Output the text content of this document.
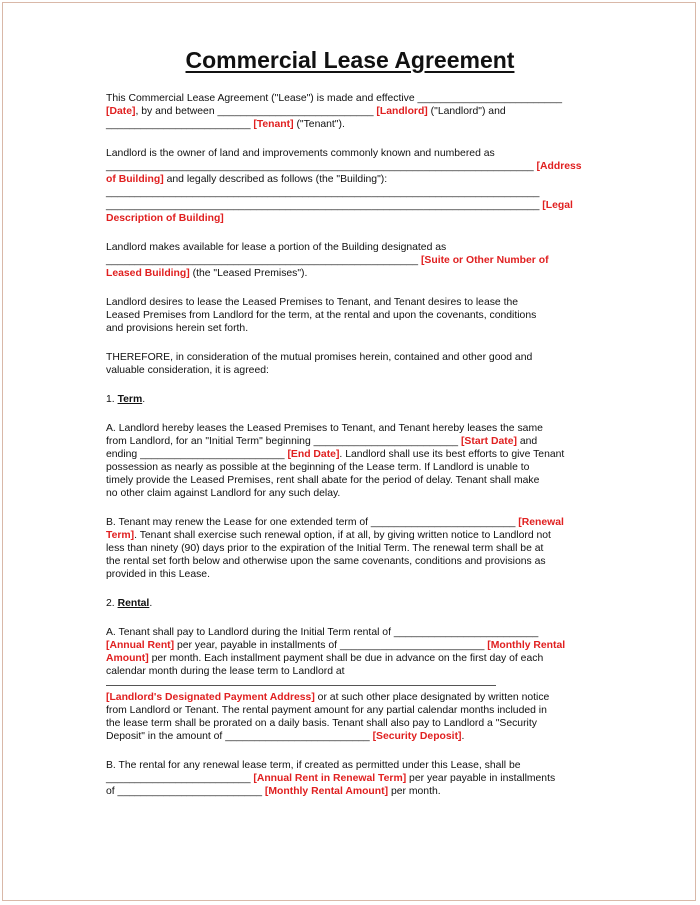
Commercial Lease Agreement
This Commercial Lease Agreement ("Lease") is made and effective _________________________
[Date], by and between ___________________________ [Landlord] ("Landlord") and
_________________________ [Tenant] ("Tenant").
Landlord is the owner of land and improvements commonly known and numbered as
__________________________________________________________________________ [Address
of Building] and legally described as follows (the "Building"):
___________________________________________________________________________
___________________________________________________________________________ [Legal
Description of Building]
Landlord makes available for lease a portion of the Building designated as
______________________________________________________ [Suite or Other Number of
Leased Building] (the "Leased Premises").
Landlord desires to lease the Leased Premises to Tenant, and Tenant desires to lease the
Leased Premises from Landlord for the term, at the rental and upon the covenants, conditions
and provisions herein set forth.
THEREFORE, in consideration of the mutual promises herein, contained and other good and
valuable consideration, it is agreed:
1. Term.
A. Landlord hereby leases the Leased Premises to Tenant, and Tenant hereby leases the same
from Landlord, for an "Initial Term" beginning _________________________ [Start Date] and
ending _________________________ [End Date]. Landlord shall use its best efforts to give Tenant
possession as nearly as possible at the beginning of the Lease term. If Landlord is unable to
timely provide the Leased Premises, rent shall abate for the period of delay. Tenant shall make
no other claim against Landlord for any such delay.
B. Tenant may renew the Lease for one extended term of _________________________ [Renewal
Term]. Tenant shall exercise such renewal option, if at all, by giving written notice to Landlord not
less than ninety (90) days prior to the expiration of the Initial Term. The renewal term shall be at
the rental set forth below and otherwise upon the same covenants, conditions and provisions as
provided in this Lease.
2. Rental.
A. Tenant shall pay to Landlord during the Initial Term rental of _________________________
[Annual Rent] per year, payable in installments of _________________________ [Monthly Rental
Amount] per month. Each installment payment shall be due in advance on the first day of each
calendar month during the lease term to Landlord at
[Landlord's Designated Payment Address] or at such other place designated by written notice
from Landlord or Tenant. The rental payment amount for any partial calendar months included in
the lease term shall be prorated on a daily basis. Tenant shall also pay to Landlord a "Security
Deposit" in the amount of _________________________ [Security Deposit].
B. The rental for any renewal lease term, if created as permitted under this Lease, shall be
_________________________ [Annual Rent in Renewal Term] per year payable in installments
of _________________________ [Monthly Rental Amount] per month.
